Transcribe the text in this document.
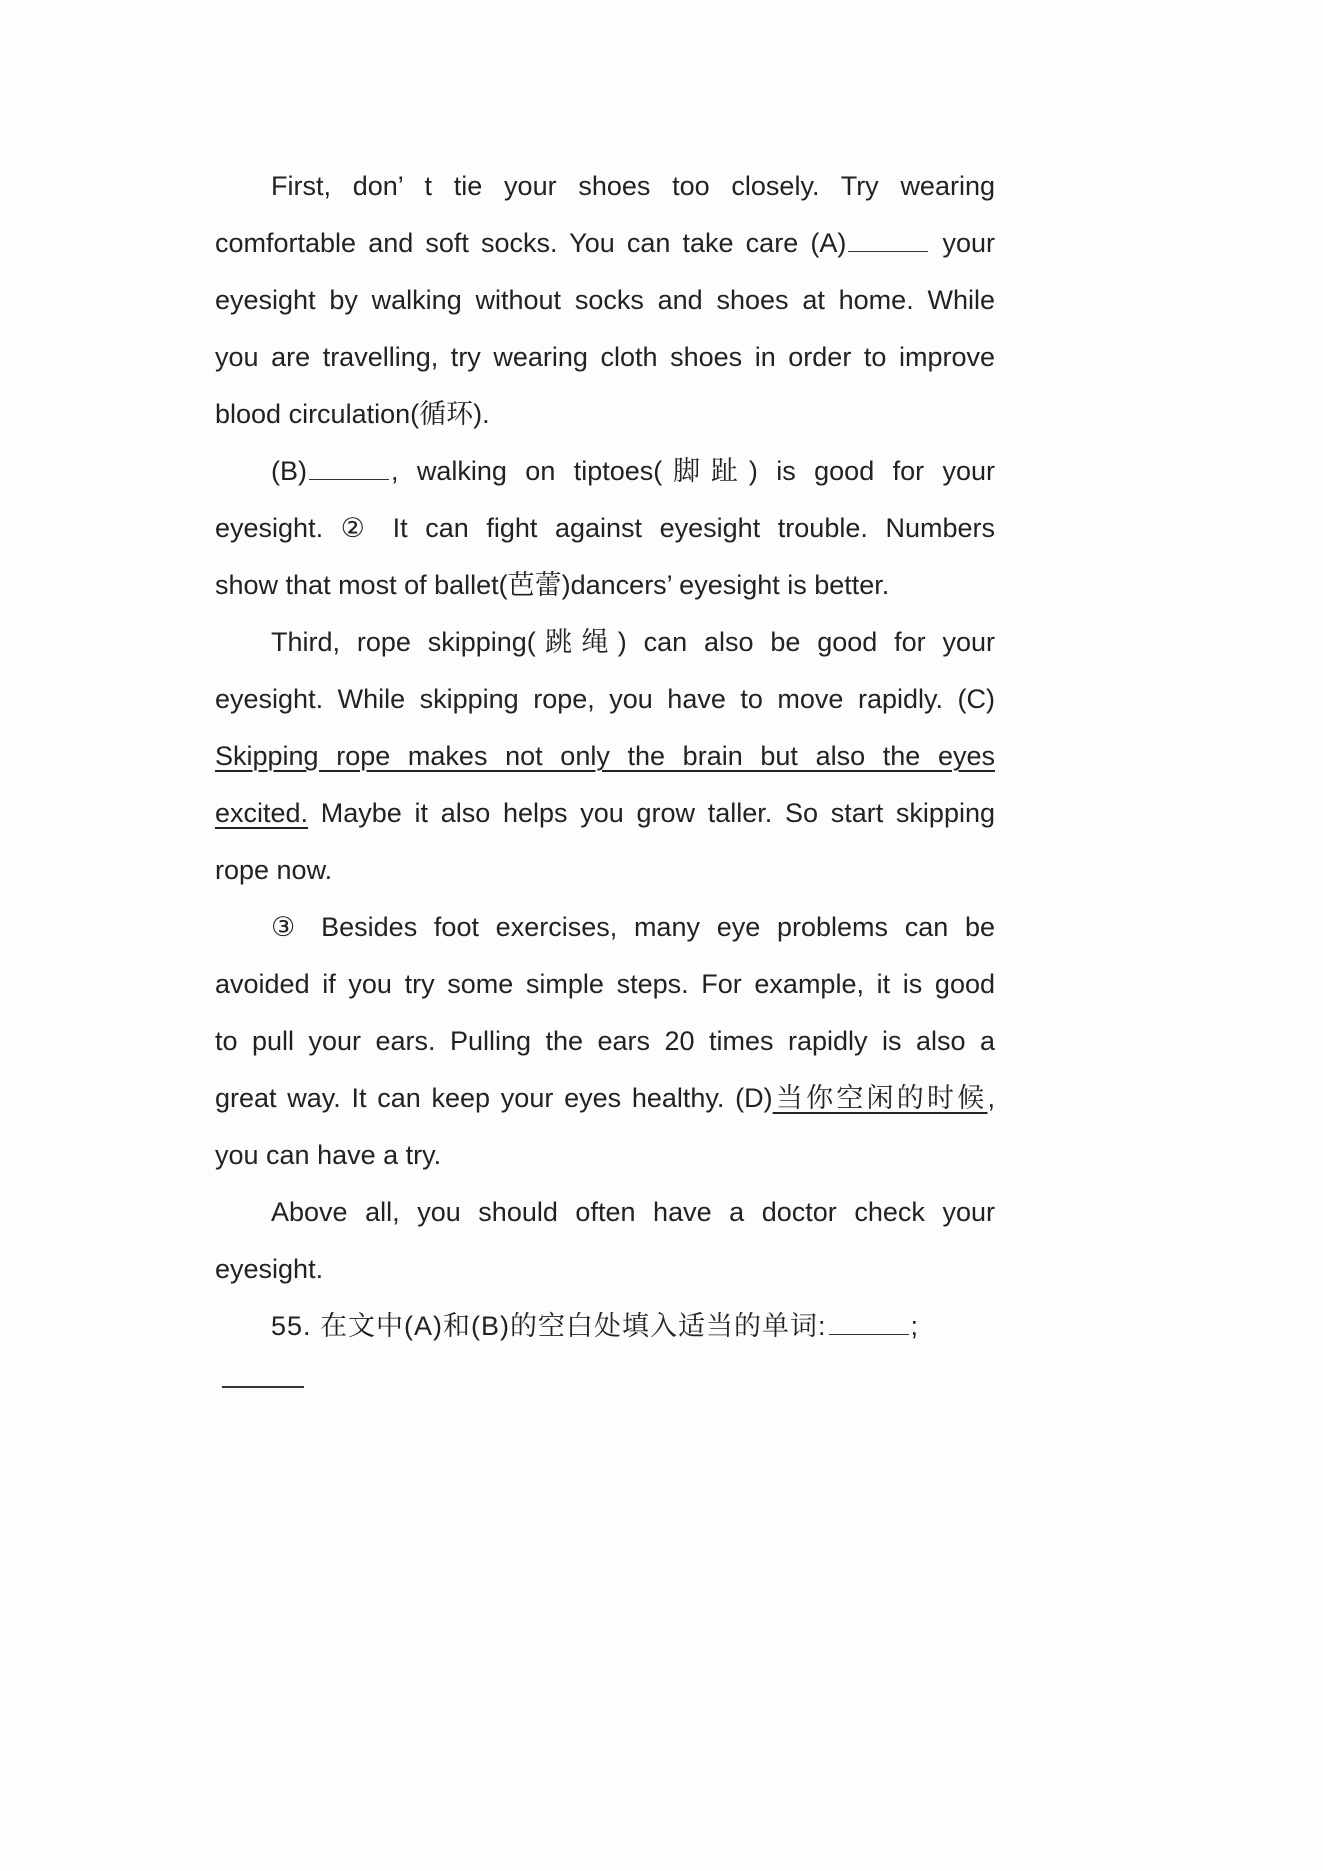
First, don’ t tie your shoes too closely. Try wearing
comfortable and soft socks. You can take care (A)	your
eyesight by walking without socks and shoes at home. While
you are travelling, try wearing cloth shoes in order to improve
blood circulation(循环).
(B)	, walking on tiptoes(脚趾) is good for your
eyesight. ② It can fight against eyesight trouble. Numbers
show that most of ballet(芭蕾)dancers’ eyesight is better.
Third, rope skipping(跳绳) can also be good for your
eyesight. While skipping rope, you have to move rapidly. (C)
Skipping rope makes not only the brain but also the eyes
excited. Maybe it also helps you grow taller. So start skipping
rope now.
③ Besides foot exercises, many eye problems can be
avoided if you try some simple steps. For example, it is good
to pull your ears. Pulling the ears 20 times rapidly is also a
great way. It can keep your eyes healthy. (D)当你空闲的时候,
you can have a try.
Above all, you should often have a doctor check your
eyesight.
55. 在文中(A)和(B)的空白处填入适当的单词:	;
